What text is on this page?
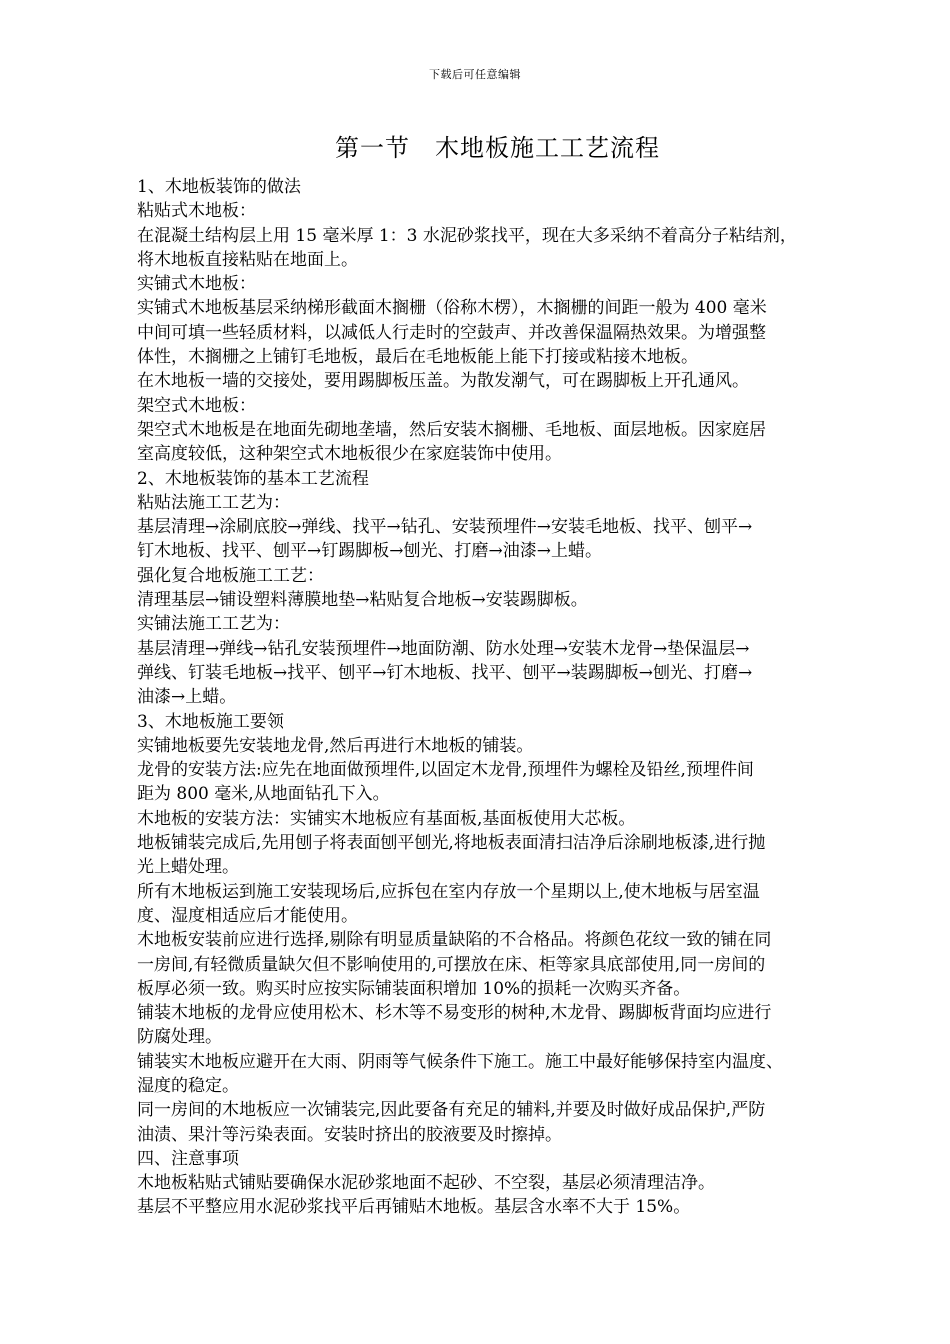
下载后可任意编辑
第一节　木地板施工工艺流程
1、木地板装饰的做法
粘贴式木地板：
在混凝土结构层上用 15 毫米厚 1：3 水泥砂浆找平，现在大多采纳不着高分子粘结剂，
将木地板直接粘贴在地面上。
实铺式木地板：
实铺式木地板基层采纳梯形截面木搁栅（俗称木楞），木搁栅的间距一般为 400 毫米
中间可填一些轻质材料，以减低人行走时的空鼓声、并改善保温隔热效果。为增强整
体性，木搁栅之上铺钉毛地板，最后在毛地板能上能下打接或粘接木地板。
在木地板一墙的交接处，要用踢脚板压盖。为散发潮气，可在踢脚板上开孔通风。
架空式木地板：
架空式木地板是在地面先砌地垄墙，然后安装木搁栅、毛地板、面层地板。因家庭居
室高度较低，这种架空式木地板很少在家庭装饰中使用。
2、木地板装饰的基本工艺流程
粘贴法施工工艺为：
基层清理→涂刷底胶→弹线、找平→钻孔、安装预埋件→安装毛地板、找平、刨平→
钉木地板、找平、刨平→钉踢脚板→刨光、打磨→油漆→上蜡。
强化复合地板施工工艺：
清理基层→铺设塑料薄膜地垫→粘贴复合地板→安装踢脚板。
实铺法施工工艺为：
基层清理→弹线→钻孔安装预埋件→地面防潮、防水处理→安装木龙骨→垫保温层→
弹线、钉装毛地板→找平、刨平→钉木地板、找平、刨平→装踢脚板→刨光、打磨→
油漆→上蜡。
3、木地板施工要领
实铺地板要先安装地龙骨,然后再进行木地板的铺装。
龙骨的安装方法:应先在地面做预埋件,以固定木龙骨,预埋件为螺栓及铅丝,预埋件间
距为 800 毫米,从地面钻孔下入。
木地板的安装方法：实铺实木地板应有基面板,基面板使用大芯板。
地板铺装完成后,先用刨子将表面刨平刨光,将地板表面清扫洁净后涂刷地板漆,进行抛
光上蜡处理。
所有木地板运到施工安装现场后,应拆包在室内存放一个星期以上,使木地板与居室温
度、湿度相适应后才能使用。
木地板安装前应进行选择,剔除有明显质量缺陷的不合格品。将颜色花纹一致的铺在同
一房间,有轻微质量缺欠但不影响使用的,可摆放在床、柜等家具底部使用,同一房间的
板厚必须一致。购买时应按实际铺装面积增加 10%的损耗一次购买齐备。
铺装木地板的龙骨应使用松木、杉木等不易变形的树种,木龙骨、踢脚板背面均应进行
防腐处理。
铺装实木地板应避开在大雨、阴雨等气候条件下施工。施工中最好能够保持室内温度、
湿度的稳定。
同一房间的木地板应一次铺装完,因此要备有充足的辅料,并要及时做好成品保护,严防
油渍、果汁等污染表面。安装时挤出的胶液要及时擦掉。
四、注意事项
木地板粘贴式铺贴要确保水泥砂浆地面不起砂、不空裂，基层必须清理洁净。
基层不平整应用水泥砂浆找平后再铺贴木地板。基层含水率不大于 15%。
